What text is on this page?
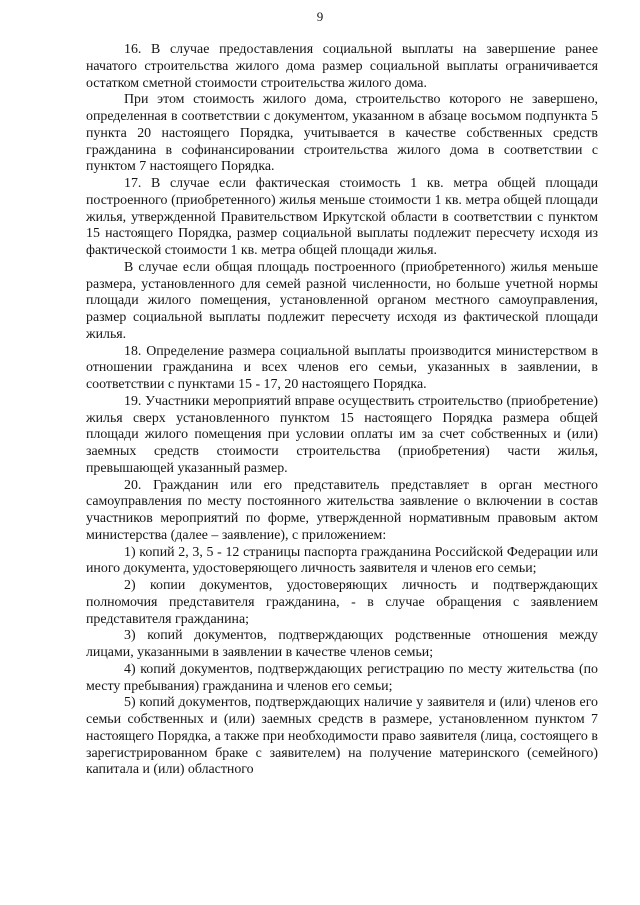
9

16. В случае предоставления социальной выплаты на завершение ранее начатого строительства жилого дома размер социальной выплаты ограничивается остатком сметной стоимости строительства жилого дома.

При этом стоимость жилого дома, строительство которого не завершено, определенная в соответствии с документом, указанном в абзаце восьмом подпункта 5 пункта 20 настоящего Порядка, учитывается в качестве собственных средств гражданина в софинансировании строительства жилого дома в соответствии с пунктом 7 настоящего Порядка.

17. В случае если фактическая стоимость 1 кв. метра общей площади построенного (приобретенного) жилья меньше стоимости 1 кв. метра общей площади жилья, утвержденной Правительством Иркутской области в соответствии с пунктом 15 настоящего Порядка, размер социальной выплаты подлежит пересчету исходя из фактической стоимости 1 кв. метра общей площади жилья.

В случае если общая площадь построенного (приобретенного) жилья меньше размера, установленного для семей разной численности, но больше учетной нормы площади жилого помещения, установленной органом местного самоуправления, размер социальной выплаты подлежит пересчету исходя из фактической площади жилья.

18. Определение размера социальной выплаты производится министерством в отношении гражданина и всех членов его семьи, указанных в заявлении, в соответствии с пунктами 15 - 17, 20 настоящего Порядка.

19. Участники мероприятий вправе осуществить строительство (приобретение) жилья сверх установленного пунктом 15 настоящего Порядка размера общей площади жилого помещения при условии оплаты им за счет собственных и (или) заемных средств стоимости строительства (приобретения) части жилья, превышающей указанный размер.

20. Гражданин или его представитель представляет в орган местного самоуправления по месту постоянного жительства заявление о включении в состав участников мероприятий по форме, утвержденной нормативным правовым актом министерства (далее – заявление), с приложением:

1) копий 2, 3, 5 - 12 страницы паспорта гражданина Российской Федерации или иного документа, удостоверяющего личность заявителя и членов его семьи;

2) копии документов, удостоверяющих личность и подтверждающих полномочия представителя гражданина, - в случае обращения с заявлением представителя гражданина;

3) копий документов, подтверждающих родственные отношения между лицами, указанными в заявлении в качестве членов семьи;

4) копий документов, подтверждающих регистрацию по месту жительства (по месту пребывания) гражданина и членов его семьи;

5) копий документов, подтверждающих наличие у заявителя и (или) членов его семьи собственных и (или) заемных средств в размере, установленном пунктом 7 настоящего Порядка, а также при необходимости право заявителя (лица, состоящего в зарегистрированном браке с заявителем) на получение материнского (семейного) капитала и (или) областного
